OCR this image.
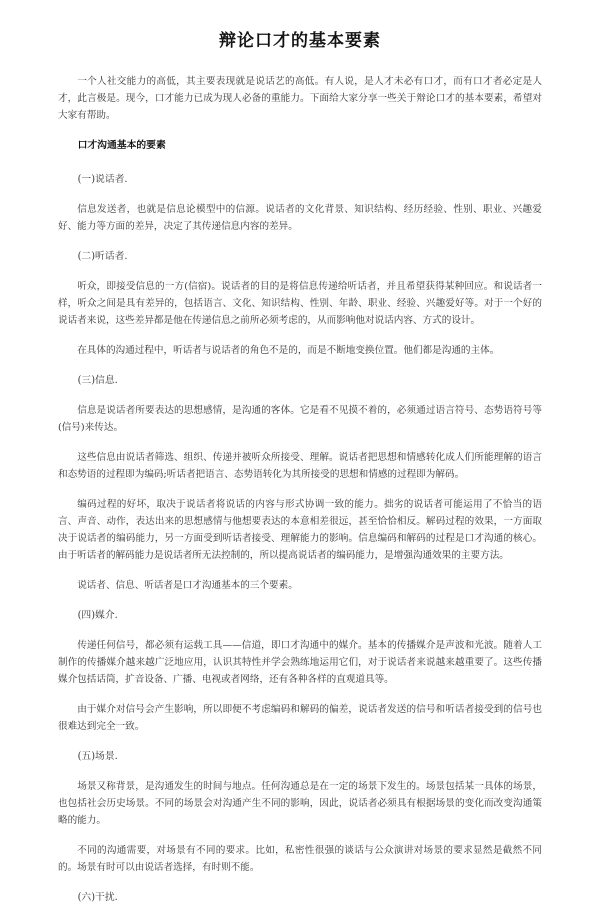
辩论口才的基本要素

一个人社交能力的高低，其主要表现就是说话艺的高低。有人说，是人才未必有口才，而有口才者必定是人才，此言极是。现今，口才能力已成为现人必备的重能力。下面给大家分享一些关于辩论口才的基本要素，希望对大家有帮助。

口才沟通基本的要素
(一)说话者.
信息发送者，也就是信息论模型中的信源。说话者的文化背景、知识结构、经历经验、性别、职业、兴趣爱好、能力等方面的差异，决定了其传递信息内容的差异。
(二)听话者.
听众，即接受信息的一方(信宿)。说话者的目的是将信息传递给听话者，并且希望获得某种回应。和说话者一样，听众之间是具有差异的，包括语言、文化、知识结构、性别、年龄、职业、经验、兴趣爱好等。对于一个好的说话者来说，这些差异都是他在传递信息之前所必须考虑的，从而影响他对说话内容、方式的设计。
在具体的沟通过程中，听话者与说话者的角色不是的，而是不断地变换位置。他们都是沟通的主体。
(三)信息.
信息是说话者所要表达的思想感情，是沟通的客体。它是看不见摸不着的，必须通过语言符号、态势语符号等(信号)来传达。
这些信息由说话者筛选、组织、传递并被听众所接受、理解。说话者把思想和情感转化成人们所能理解的语言和态势语的过程即为编码;听话者把语言、态势语转化为其所接受的思想和情感的过程即为解码。
编码过程的好坏，取决于说话者将说话的内容与形式协调一致的能力。拙劣的说话者可能运用了不恰当的语言、声音、动作，表达出来的思想感情与他想要表达的本意相差很远，甚至恰恰相反。解码过程的效果，一方面取决于说话者的编码能力，另一方面受到听话者接受、理解能力的影响。信息编码和解码的过程是口才沟通的核心。由于听话者的解码能力是说话者所无法控制的，所以提高说话者的编码能力，是增强沟通效果的主要方法。
说话者、信息、听话者是口才沟通基本的三个要素。
(四)媒介.
传递任何信号，都必须有运载工具——信道，即口才沟通中的媒介。基本的传播媒介是声波和光波。随着人工制作的传播媒介越来越广泛地应用，认识其特性并学会熟练地运用它们，对于说话者来说越来越重要了。这些传播媒介包括话筒，扩音设备、广播、电视或者网络，还有各种各样的直观道具等。
由于媒介对信号会产生影响，所以即便不考虑编码和解码的偏差，说话者发送的信号和听话者接受到的信号也很难达到完全一致。
(五)场景.
场景又称背景，是沟通发生的时间与地点。任何沟通总是在一定的场景下发生的。场景包括某一具体的场景，也包括社会历史场景。不同的场景会对沟通产生不同的影响，因此，说话者必须具有根据场景的变化而改变沟通策略的能力。
不同的沟通需要，对场景有不同的要求。比如，私密性很强的谈话与公众演讲对场景的要求显然是截然不同的。场景有时可以由说话者选择，有时则不能。
(六)干扰.
